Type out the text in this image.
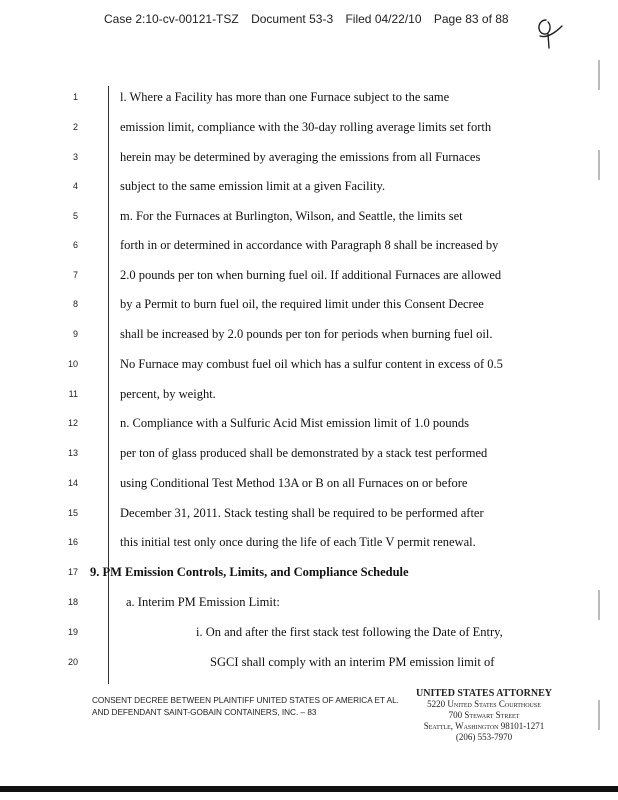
Case 2:10-cv-00121-TSZ Document 53-3 Filed 04/22/10 Page 83 of 88
1
2
3
4
5
6
7
8
9
10
11
12
13
14
15
16
17
18
19
20
l. Where a Facility has more than one Furnace subject to the same
emission limit, compliance with the 30-day rolling average limits set forth
herein may be determined by averaging the emissions from all Furnaces
subject to the same emission limit at a given Facility.
m. For the Furnaces at Burlington, Wilson, and Seattle, the limits set
forth in or determined in accordance with Paragraph 8 shall be increased by
2.0 pounds per ton when burning fuel oil. If additional Furnaces are allowed
by a Permit to burn fuel oil, the required limit under this Consent Decree
shall be increased by 2.0 pounds per ton for periods when burning fuel oil.
No Furnace may combust fuel oil which has a sulfur content in excess of 0.5
percent, by weight.
n. Compliance with a Sulfuric Acid Mist emission limit of 1.0 pounds
per ton of glass produced shall be demonstrated by a stack test performed
using Conditional Test Method 13A or B on all Furnaces on or before
December 31, 2011. Stack testing shall be required to be performed after
this initial test only once during the life of each Title V permit renewal.
9. PM Emission Controls, Limits, and Compliance Schedule
a. Interim PM Emission Limit:
i. On and after the first stack test following the Date of Entry,
SGCI shall comply with an interim PM emission limit of
CONSENT DECREE BETWEEN PLAINTIFF UNITED STATES OF AMERICA ET AL.
AND DEFENDANT SAINT-GOBAIN CONTAINERS, INC. – 83
UNITED STATES ATTORNEY
5220 United States Courthouse
700 Stewart Street
Seattle, Washington 98101-1271
(206) 553-7970
